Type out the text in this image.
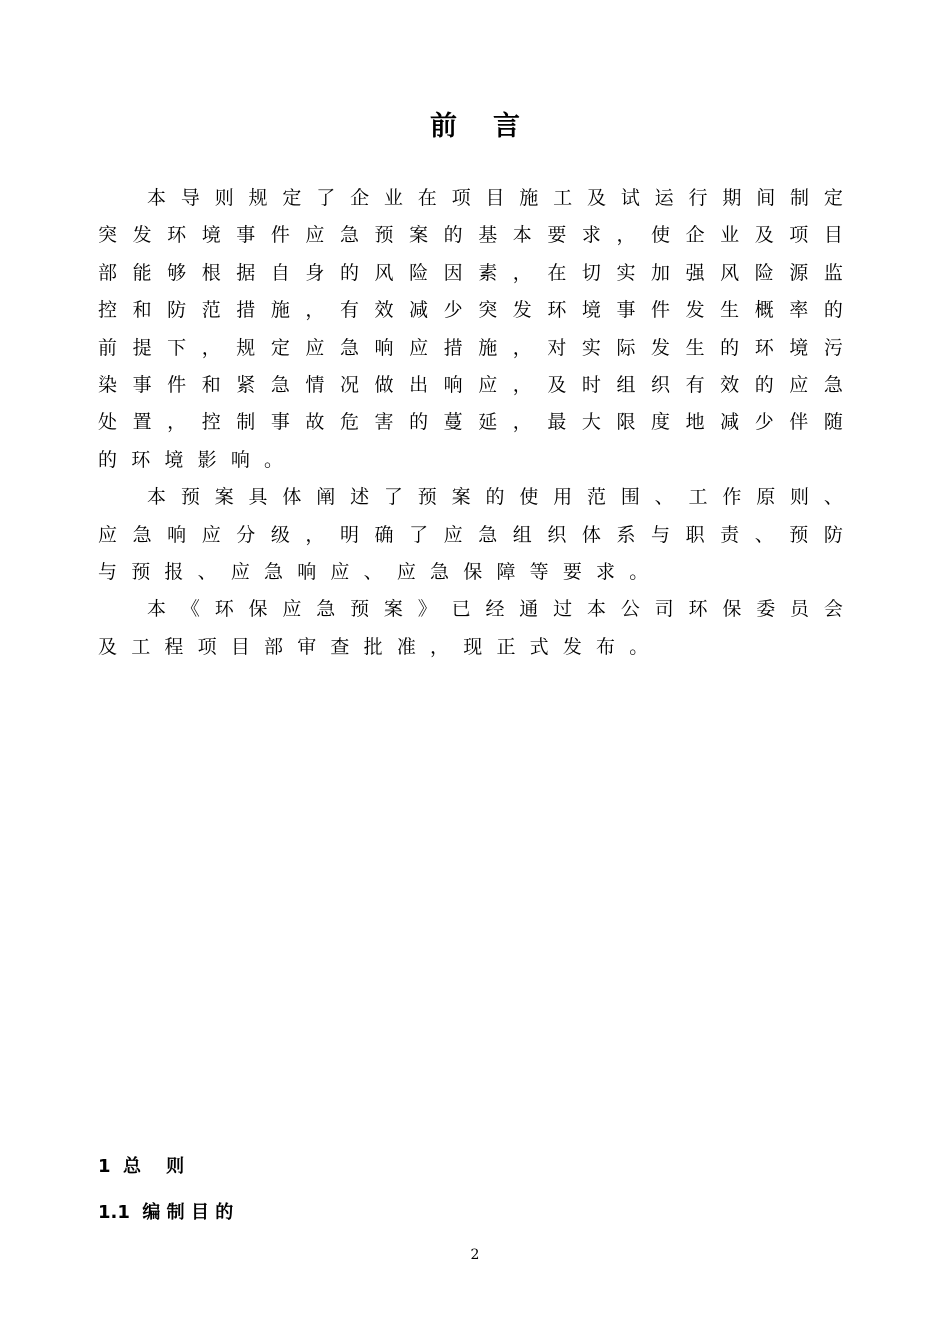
前言
本 导 则 规 定 了 企 业 在 项 目 施 工 及 试 运 行 期 间 制 定
突 发 环 境 事 件 应 急 预 案 的 基 本 要 求 ， 使 企 业 及 项 目
部 能 够 根 据 自 身 的 风 险 因 素 ， 在 切 实 加 强 风 险 源 监
控 和 防 范 措 施 ， 有 效 减 少 突 发 环 境 事 件 发 生 概 率 的
前 提 下 ， 规 定 应 急 响 应 措 施 ， 对 实 际 发 生 的 环 境 污
染 事 件 和 紧 急 情 况 做 出 响 应 ， 及 时 组 织 有 效 的 应 急
处 置 ， 控 制 事 故 危 害 的 蔓 延 ， 最 大 限 度 地 减 少 伴 随
的 环 境 影 响 。
本 预 案 具 体 阐 述 了 预 案 的 使 用 范 围 、 工 作 原 则 、
应 急 响 应 分 级 ， 明 确 了 应 急 组 织 体 系 与 职 责 、 预 防
与 预 报 、 应 急 响 应 、 应 急 保 障 等 要 求 。
本 《 环 保 应 急 预 案 》 已 经 通 过 本 公 司 环 保 委 员 会
及 工 程 项 目 部 审 查 批 准 ， 现 正 式 发 布 。
1  总    则
1.1  编 制 目 的
2
